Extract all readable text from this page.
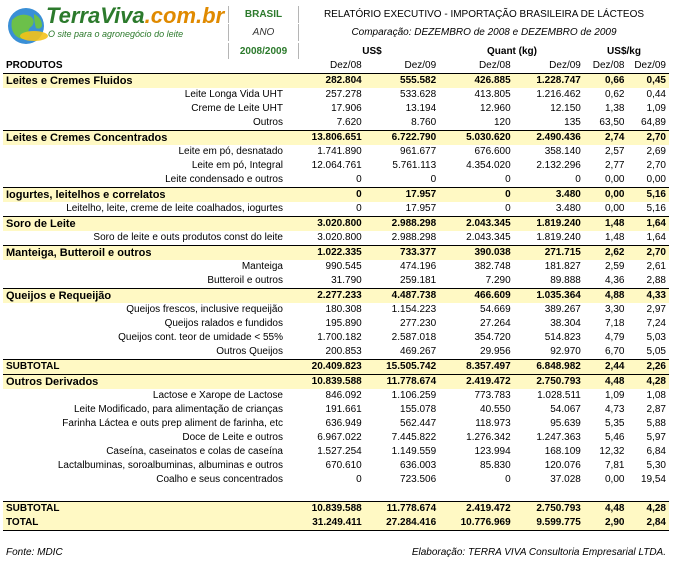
TerraViva.com.br
O site para o agronegócio do leite
BRASIL
ANO
2008/2009
RELATÓRIO EXECUTIVO - IMPORTAÇÃO BRASILEIRA DE LÁCTEOS
Comparação: DEZEMBRO de 2008 e DEZEMBRO de 2009
US$	Quant (kg)	US$/kg
PRODUTOS	Dez/08	Dez/09	Dez/08	Dez/09	Dez/08	Dez/09
Leites e Cremes Fluidos	282.804	555.582	426.885	1.228.747	0,66	0,45
Leite Longa Vida UHT	257.278	533.628	413.805	1.216.462	0,62	0,44
Creme de Leite UHT	17.906	13.194	12.960	12.150	1,38	1,09
Outros	7.620	8.760	120	135	63,50	64,89
Leites e Cremes Concentrados	13.806.651	6.722.790	5.030.620	2.490.436	2,74	2,70
Leite em pó, desnatado	1.741.890	961.677	676.600	358.140	2,57	2,69
Leite em pó, Integral	12.064.761	5.761.113	4.354.020	2.132.296	2,77	2,70
Leite condensado e outros	0	0	0	0	0,00	0,00
Iogurtes, leitelhos e correlatos	0	17.957	0	3.480	0,00	5,16
Leitelho, leite, creme de leite coalhados, iogurtes	0	17.957	0	3.480	0,00	5,16
Soro de Leite	3.020.800	2.988.298	2.043.345	1.819.240	1,48	1,64
Soro de leite e outs produtos const do leite	3.020.800	2.988.298	2.043.345	1.819.240	1,48	1,64
Manteiga, Butteroil e outros	1.022.335	733.377	390.038	271.715	2,62	2,70
Manteiga	990.545	474.196	382.748	181.827	2,59	2,61
Butteroil e outros	31.790	259.181	7.290	89.888	4,36	2,88
Queijos e Requeijão	2.277.233	4.487.738	466.609	1.035.364	4,88	4,33
Queijos frescos, inclusive requeijão	180.308	1.154.223	54.669	389.267	3,30	2,97
Queijos ralados e fundidos	195.890	277.230	27.264	38.304	7,18	7,24
Queijos cont. teor de umidade < 55%	1.700.182	2.587.018	354.720	514.823	4,79	5,03
Outros Queijos	200.853	469.267	29.956	92.970	6,70	5,05
SUBTOTAL	20.409.823	15.505.742	8.357.497	6.848.982	2,44	2,26
Outros Derivados	10.839.588	11.778.674	2.419.472	2.750.793	4,48	4,28
Lactose e Xarope de Lactose	846.092	1.106.259	773.783	1.028.511	1,09	1,08
Leite Modificado, para alimentação de crianças	191.661	155.078	40.550	54.067	4,73	2,87
Farinha Láctea e outs prep aliment de farinha, etc	636.949	562.447	118.973	95.639	5,35	5,88
Doce de Leite e outros	6.967.022	7.445.822	1.276.342	1.247.363	5,46	5,97
Caseína, caseinatos e colas de caseína	1.527.254	1.149.559	123.994	168.109	12,32	6,84
Lactalbuminas, soroalbuminas, albuminas e outros	670.610	636.003	85.830	120.076	7,81	5,30
Coalho e seus concentrados	0	723.506	0	37.028	0,00	19,54

SUBTOTAL	10.839.588	11.778.674	2.419.472	2.750.793	4,48	4,28
TOTAL	31.249.411	27.284.416	10.776.969	9.599.775	2,90	2,84
Fonte: MDIC	Elaboração: TERRA VIVA Consultoria Empresarial LTDA.
